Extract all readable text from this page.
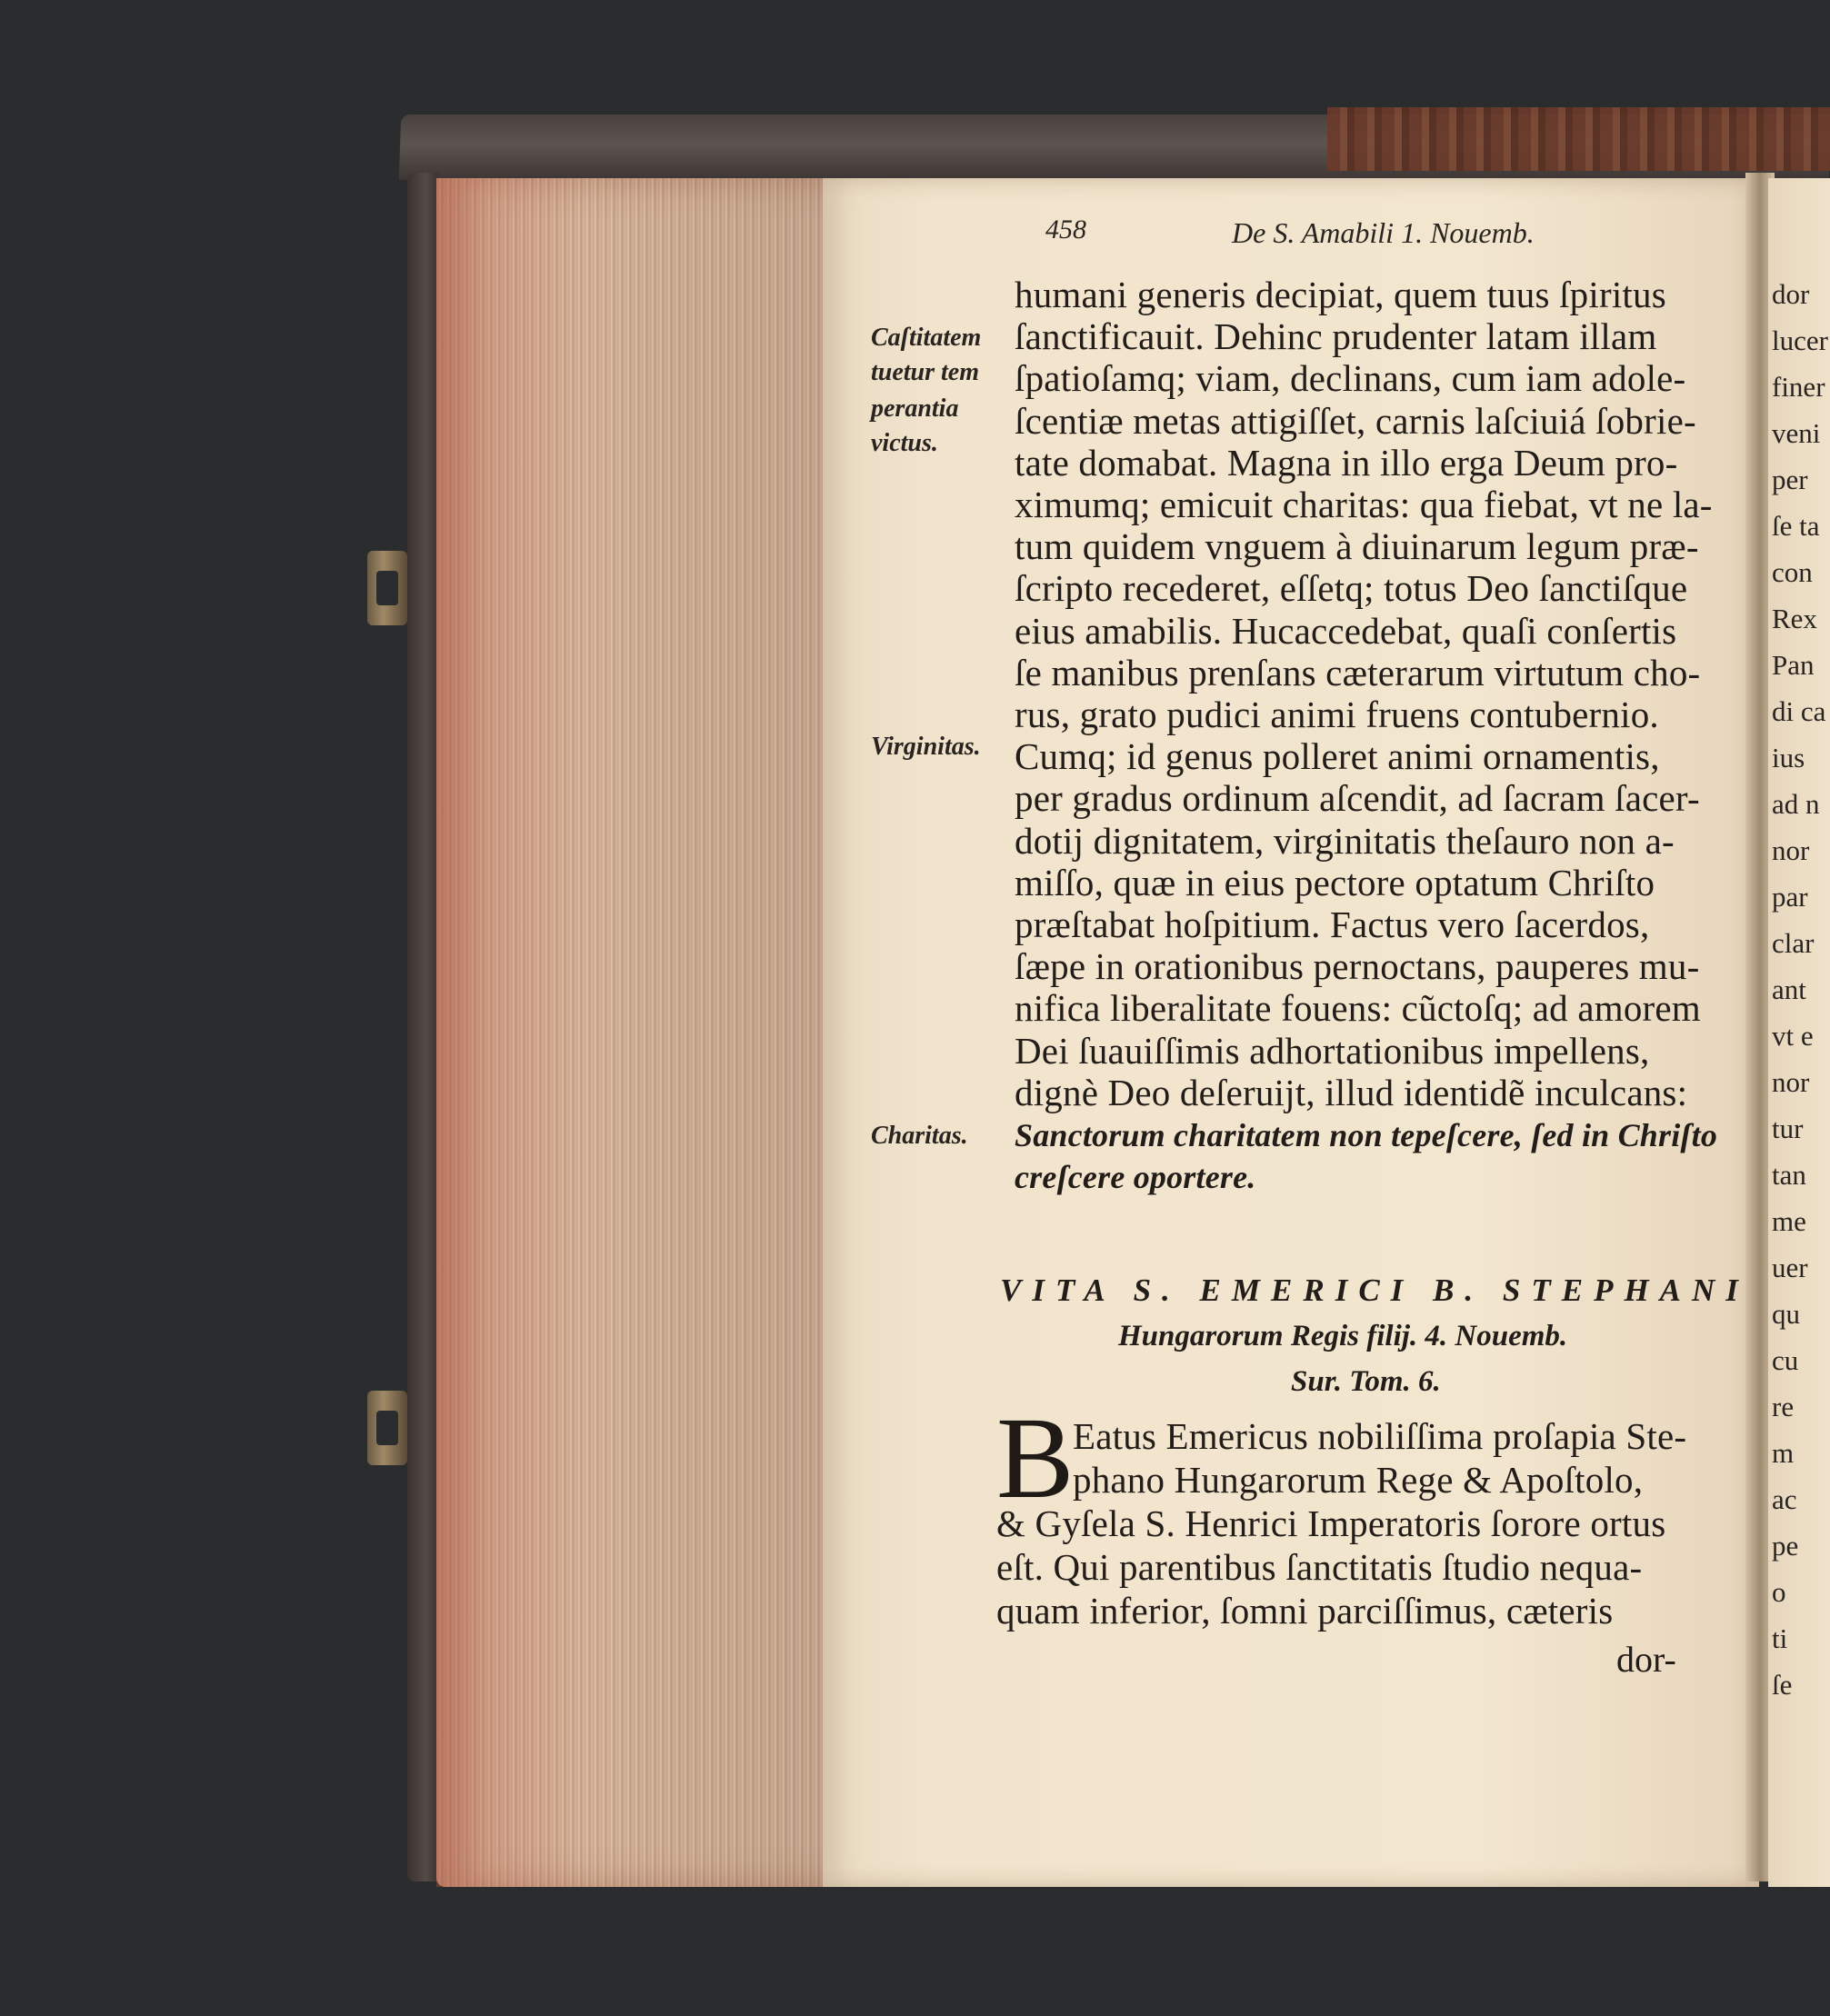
dor
lucer
finer
veni
per
ſe ta
con
Rex
Pan
di ca
ius
ad n
nor
par
clar
ant
vt e
nor
tur
tan
me
uer
qu
cu
re
m
ac
pe
o
ti
ſe
458	De S. Amabili 1. Nouemb.
Caſtitatem
tuetur tem
perantia
victus.
Virginitas.
Charitas.
humani generis decipiat, quem tuus ſpiritus
ſanctificauit. Dehinc prudenter latam illam
ſpatioſamq; viam, declinans, cum iam adole-
ſcentiæ metas attigiſſet, carnis laſciuiá ſobrie-
tate domabat. Magna in illo erga Deum pro-
ximumq; emicuit charitas: qua fiebat, vt ne la-
tum quidem vnguem à diuinarum legum præ-
ſcripto recederet, eſſetq; totus Deo ſanctiſque
eius amabilis. Hucaccedebat, quaſi conſertis
ſe manibus prenſans cæterarum virtutum cho-
rus, grato pudici animi fruens contubernio.
Cumq; id genus polleret animi ornamentis,
per gradus ordinum aſcendit, ad ſacram ſacer-
dotij dignitatem, virginitatis theſauro non a-
miſſo, quæ in eius pectore optatum Chriſto
præſtabat hoſpitium. Factus vero ſacerdos,
ſæpe in orationibus pernoctans, pauperes mu-
nifica liberalitate fouens: cũctoſq; ad amorem
Dei ſuauiſſimis adhortationibus impellens,
dignè Deo deſeruijt, illud identidẽ inculcans:
Sanctorum charitatem non tepeſcere, ſed in Chriſto
creſcere oportere.
VITA S. EMERICI B. STEPHANI
Hungarorum Regis filij. 4. Nouemb.
Sur. Tom. 6.
B
Eatus Emericus nobiliſſima proſapia Ste-
phano Hungarorum Rege & Apoſtolo,
& Gyſela S. Henrici Imperatoris ſorore ortus
eſt. Qui parentibus ſanctitatis ſtudio nequa-
quam inferior, ſomni parciſſimus, cæteris
dor-
